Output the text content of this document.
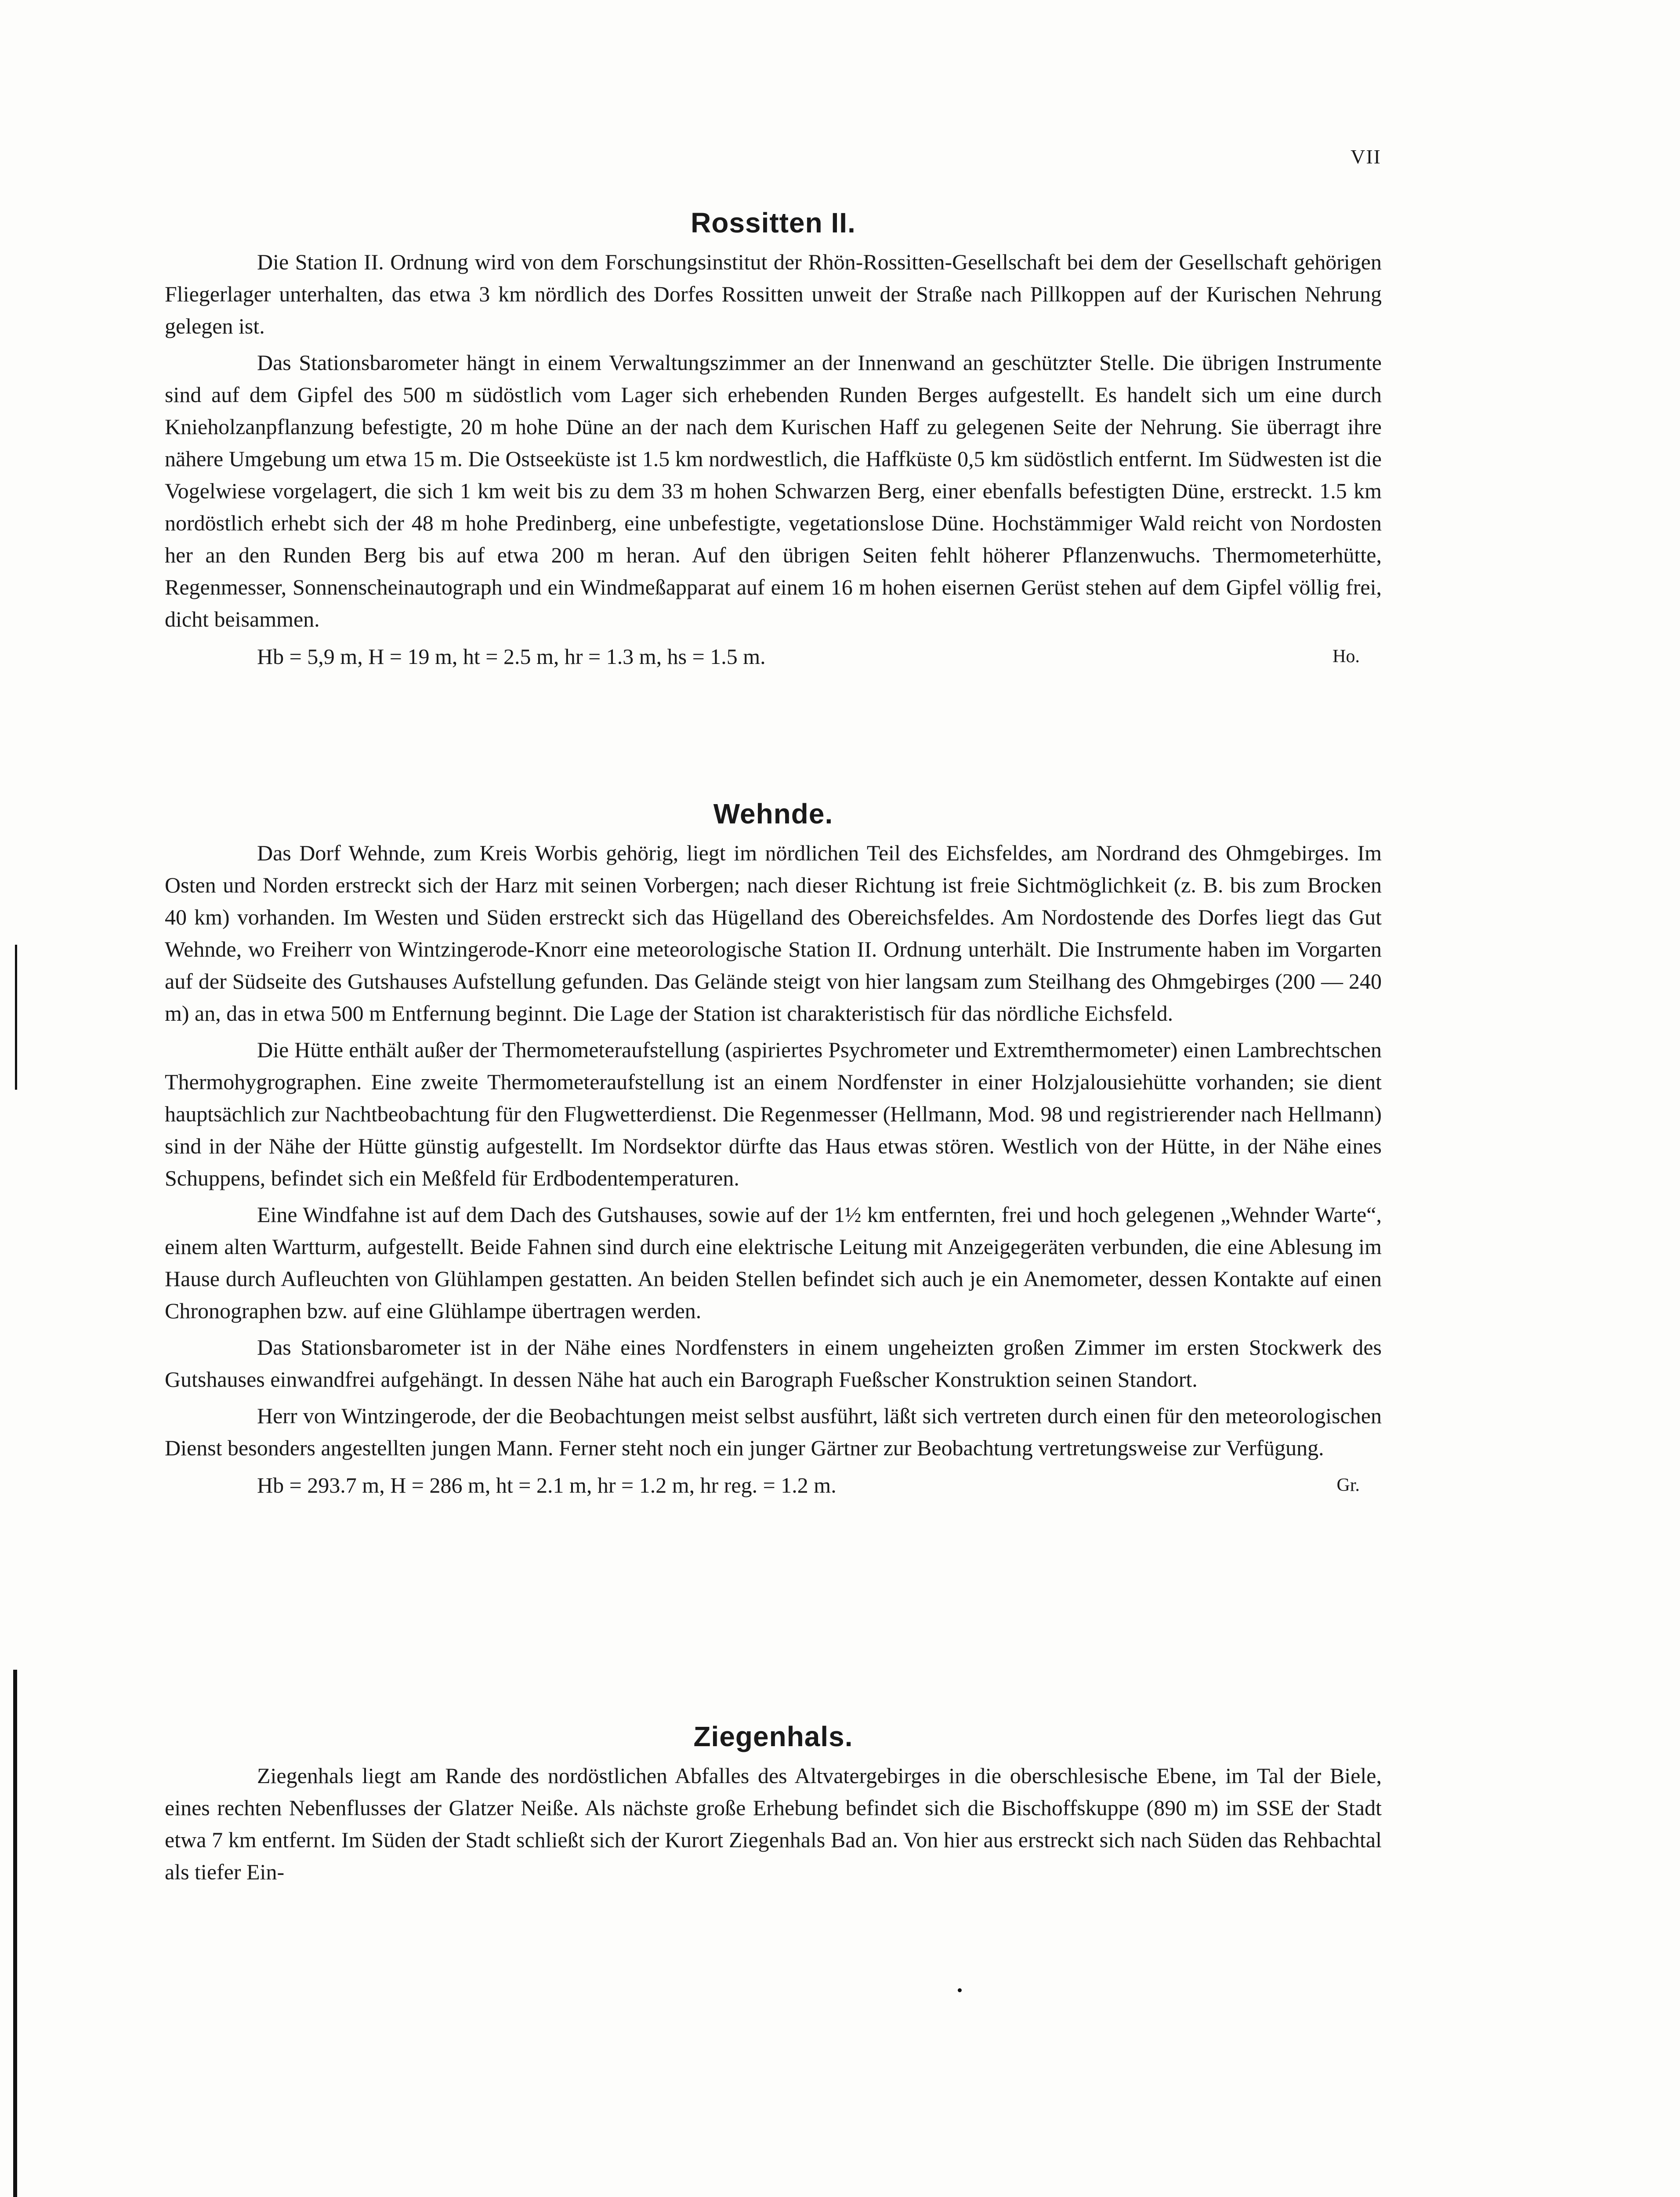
VII
Rossitten II.

Die Station II. Ordnung wird von dem Forschungsinstitut der Rhön-Rossitten-Gesellschaft bei dem der Gesellschaft gehörigen Fliegerlager unterhalten, das etwa 3 km nördlich des Dorfes Rossitten unweit der Straße nach Pillkoppen auf der Kurischen Nehrung gelegen ist.

Das Stationsbarometer hängt in einem Verwaltungszimmer an der Innenwand an geschützter Stelle. Die übrigen Instrumente sind auf dem Gipfel des 500 m südöstlich vom Lager sich erhebenden Runden Berges aufgestellt. Es handelt sich um eine durch Knieholzanpflanzung befestigte, 20 m hohe Düne an der nach dem Kurischen Haff zu gelegenen Seite der Nehrung. Sie überragt ihre nähere Umgebung um etwa 15 m. Die Ostseeküste ist 1.5 km nordwestlich, die Haffküste 0,5 km südöstlich entfernt. Im Südwesten ist die Vogelwiese vorgelagert, die sich 1 km weit bis zu dem 33 m hohen Schwarzen Berg, einer ebenfalls befestigten Düne, erstreckt. 1.5 km nordöstlich erhebt sich der 48 m hohe Predinberg, eine unbefestigte, vegetationslose Düne. Hochstämmiger Wald reicht von Nordosten her an den Runden Berg bis auf etwa 200 m heran. Auf den übrigen Seiten fehlt höherer Pflanzenwuchs. Thermometerhütte, Regenmesser, Sonnenscheinautograph und ein Windmeßapparat auf einem 16 m hohen eisernen Gerüst stehen auf dem Gipfel völlig frei, dicht beisammen.

Hb = 5,9 m, H = 19 m, ht = 2.5 m, hr = 1.3 m, hs = 1.5 m.	Ho.
Wehnde.

Das Dorf Wehnde, zum Kreis Worbis gehörig, liegt im nördlichen Teil des Eichsfeldes, am Nordrand des Ohmgebirges. Im Osten und Norden erstreckt sich der Harz mit seinen Vorbergen; nach dieser Richtung ist freie Sichtmöglichkeit (z. B. bis zum Brocken 40 km) vorhanden. Im Westen und Süden erstreckt sich das Hügelland des Obereichsfeldes. Am Nordostende des Dorfes liegt das Gut Wehnde, wo Freiherr von Wintzingerode-Knorr eine meteorologische Station II. Ordnung unterhält. Die Instrumente haben im Vorgarten auf der Südseite des Gutshauses Aufstellung gefunden. Das Gelände steigt von hier langsam zum Steilhang des Ohmgebirges (200 — 240 m) an, das in etwa 500 m Entfernung beginnt. Die Lage der Station ist charakteristisch für das nördliche Eichsfeld.

Die Hütte enthält außer der Thermometeraufstellung (aspiriertes Psychrometer und Extremthermometer) einen Lambrechtschen Thermohygrographen. Eine zweite Thermometeraufstellung ist an einem Nordfenster in einer Holzjalousiehütte vorhanden; sie dient hauptsächlich zur Nachtbeobachtung für den Flugwetterdienst. Die Regenmesser (Hellmann, Mod. 98 und registrierender nach Hellmann) sind in der Nähe der Hütte günstig aufgestellt. Im Nordsektor dürfte das Haus etwas stören. Westlich von der Hütte, in der Nähe eines Schuppens, befindet sich ein Meßfeld für Erdbodentemperaturen.

Eine Windfahne ist auf dem Dach des Gutshauses, sowie auf der 1½ km entfernten, frei und hoch gelegenen „Wehnder Warte“, einem alten Wartturm, aufgestellt. Beide Fahnen sind durch eine elektrische Leitung mit Anzeigegeräten verbunden, die eine Ablesung im Hause durch Aufleuchten von Glühlampen gestatten. An beiden Stellen befindet sich auch je ein Anemometer, dessen Kontakte auf einen Chronographen bzw. auf eine Glühlampe übertragen werden.

Das Stationsbarometer ist in der Nähe eines Nordfensters in einem ungeheizten großen Zimmer im ersten Stockwerk des Gutshauses einwandfrei aufgehängt. In dessen Nähe hat auch ein Barograph Fueßscher Konstruktion seinen Standort.

Herr von Wintzingerode, der die Beobachtungen meist selbst ausführt, läßt sich vertreten durch einen für den meteorologischen Dienst besonders angestellten jungen Mann. Ferner steht noch ein junger Gärtner zur Beobachtung vertretungsweise zur Verfügung.

Hb = 293.7 m, H = 286 m, ht = 2.1 m, hr = 1.2 m, hr reg. = 1.2 m.	Gr.
Ziegenhals.

Ziegenhals liegt am Rande des nordöstlichen Abfalles des Altvatergebirges in die oberschlesische Ebene, im Tal der Biele, eines rechten Nebenflusses der Glatzer Neiße. Als nächste große Erhebung befindet sich die Bischoffskuppe (890 m) im SSE der Stadt etwa 7 km entfernt. Im Süden der Stadt schließt sich der Kurort Ziegenhals Bad an. Von hier aus erstreckt sich nach Süden das Rehbachtal als tiefer Ein-
